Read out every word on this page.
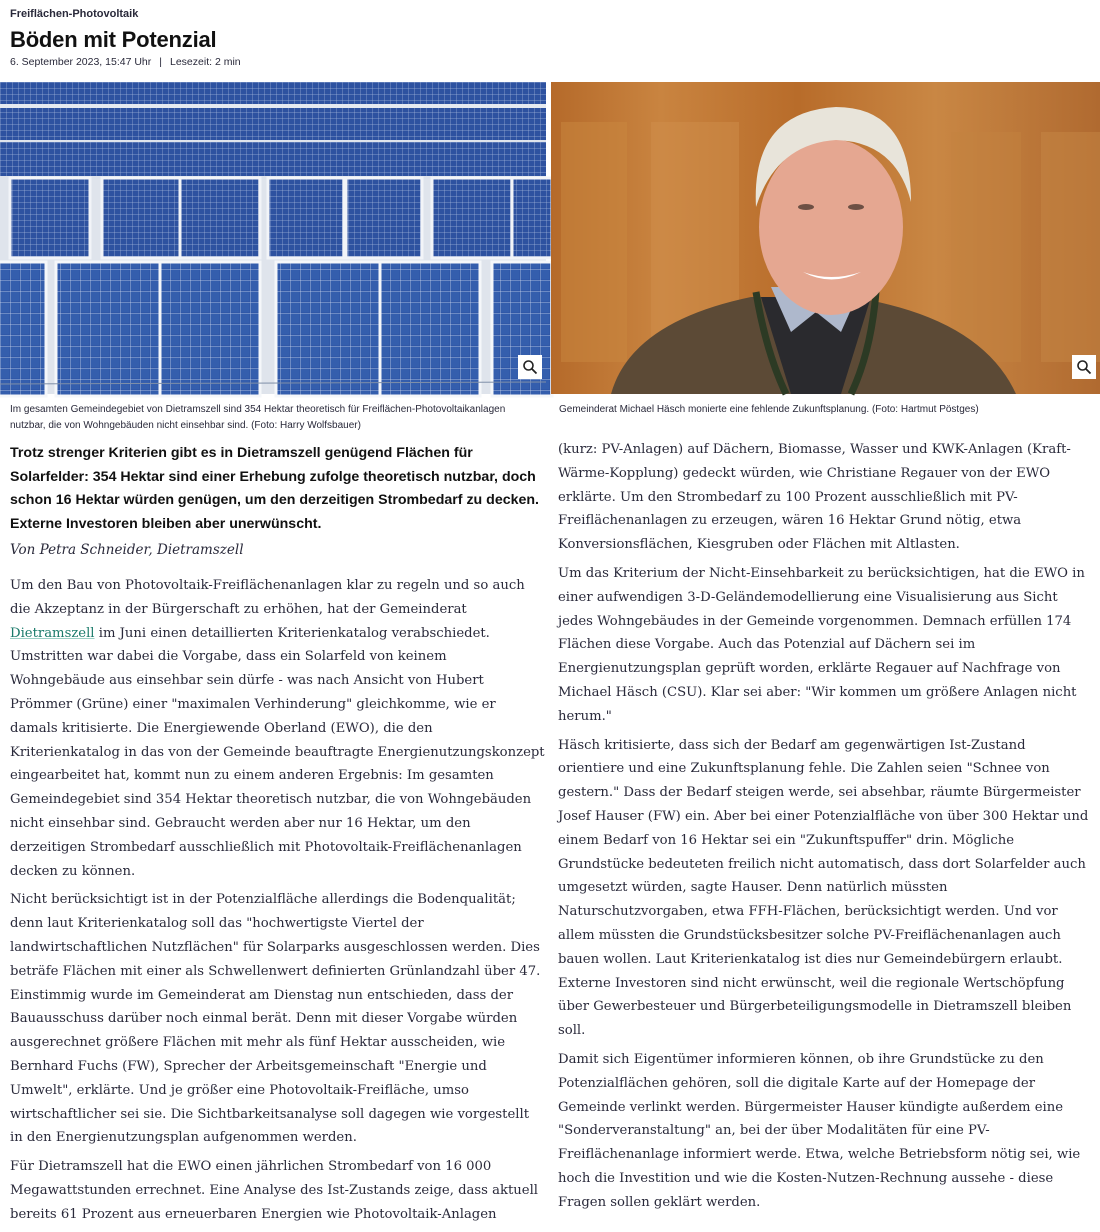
Freiflächen-Photovoltaik
Böden mit Potenzial
6. September 2023, 15:47 Uhr | Lesezeit: 2 min
Im gesamten Gemeindegebiet von Dietramszell sind 354 Hektar theoretisch für Freiflächen-Photovoltaikanlagen nutzbar, die von Wohngebäuden nicht einsehbar sind. (Foto: Harry Wolfsbauer)
Gemeinderat Michael Häsch monierte eine fehlende Zukunftsplanung. (Foto: Hartmut Pöstges)
Trotz strenger Kriterien gibt es in Dietramszell genügend Flächen für Solarfelder: 354 Hektar sind einer Erhebung zufolge theoretisch nutzbar, doch schon 16 Hektar würden genügen, um den derzeitigen Strombedarf zu decken. Externe Investoren bleiben aber unerwünscht.
Von Petra Schneider, Dietramszell

Um den Bau von Photovoltaik-Freiflächenanlagen klar zu regeln und so auch die Akzeptanz in der Bürgerschaft zu erhöhen, hat der Gemeinderat Dietramszell im Juni einen detaillierten Kriterienkatalog verabschiedet. Umstritten war dabei die Vorgabe, dass ein Solarfeld von keinem Wohngebäude aus einsehbar sein dürfe - was nach Ansicht von Hubert Prömmer (Grüne) einer "maximalen Verhinderung" gleichkomme, wie er damals kritisierte. Die Energiewende Oberland (EWO), die den Kriterienkatalog in das von der Gemeinde beauftragte Energienutzungskonzept eingearbeitet hat, kommt nun zu einem anderen Ergebnis: Im gesamten Gemeindegebiet sind 354 Hektar theoretisch nutzbar, die von Wohngebäuden nicht einsehbar sind. Gebraucht werden aber nur 16 Hektar, um den derzeitigen Strombedarf ausschließlich mit Photovoltaik-Freiflächenanlagen decken zu können.

Nicht berücksichtigt ist in der Potenzialfläche allerdings die Bodenqualität; denn laut Kriterienkatalog soll das "hochwertigste Viertel der landwirtschaftlichen Nutzflächen" für Solarparks ausgeschlossen werden. Dies beträfe Flächen mit einer als Schwellenwert definierten Grünlandzahl über 47. Einstimmig wurde im Gemeinderat am Dienstag nun entschieden, dass der Bauausschuss darüber noch einmal berät. Denn mit dieser Vorgabe würden ausgerechnet größere Flächen mit mehr als fünf Hektar ausscheiden, wie Bernhard Fuchs (FW), Sprecher der Arbeitsgemeinschaft "Energie und Umwelt", erklärte. Und je größer eine Photovoltaik-Freifläche, umso wirtschaftlicher sei sie. Die Sichtbarkeitsanalyse soll dagegen wie vorgestellt in den Energienutzungsplan aufgenommen werden.

Für Dietramszell hat die EWO einen jährlichen Strombedarf von 16 000 Megawattstunden errechnet. Eine Analyse des Ist-Zustands zeige, dass aktuell bereits 61 Prozent aus erneuerbaren Energien wie Photovoltaik-Anlagen

(kurz: PV-Anlagen) auf Dächern, Biomasse, Wasser und KWK-Anlagen (Kraft-Wärme-Kopplung) gedeckt würden, wie Christiane Regauer von der EWO erklärte. Um den Strombedarf zu 100 Prozent ausschließlich mit PV-Freiflächenanlagen zu erzeugen, wären 16 Hektar Grund nötig, etwa Konversionsflächen, Kiesgruben oder Flächen mit Altlasten.

Um das Kriterium der Nicht-Einsehbarkeit zu berücksichtigen, hat die EWO in einer aufwendigen 3-D-Geländemodellierung eine Visualisierung aus Sicht jedes Wohngebäudes in der Gemeinde vorgenommen. Demnach erfüllen 174 Flächen diese Vorgabe. Auch das Potenzial auf Dächern sei im Energienutzungsplan geprüft worden, erklärte Regauer auf Nachfrage von Michael Häsch (CSU). Klar sei aber: "Wir kommen um größere Anlagen nicht herum."

Häsch kritisierte, dass sich der Bedarf am gegenwärtigen Ist-Zustand orientiere und eine Zukunftsplanung fehle. Die Zahlen seien "Schnee von gestern." Dass der Bedarf steigen werde, sei absehbar, räumte Bürgermeister Josef Hauser (FW) ein. Aber bei einer Potenzialfläche von über 300 Hektar und einem Bedarf von 16 Hektar sei ein "Zukunftspuffer" drin. Mögliche Grundstücke bedeuteten freilich nicht automatisch, dass dort Solarfelder auch umgesetzt würden, sagte Hauser. Denn natürlich müssten Naturschutzvorgaben, etwa FFH-Flächen, berücksichtigt werden. Und vor allem müssten die Grundstücksbesitzer solche PV-Freiflächenanlagen auch bauen wollen. Laut Kriterienkatalog ist dies nur Gemeindebürgern erlaubt. Externe Investoren sind nicht erwünscht, weil die regionale Wertschöpfung über Gewerbesteuer und Bürgerbeteiligungsmodelle in Dietramszell bleiben soll.

Damit sich Eigentümer informieren können, ob ihre Grundstücke zu den Potenzialflächen gehören, soll die digitale Karte auf der Homepage der Gemeinde verlinkt werden. Bürgermeister Hauser kündigte außerdem eine "Sonderveranstaltung" an, bei der über Modalitäten für eine PV-Freiflächenanlage informiert werde. Etwa, welche Betriebsform nötig sei, wie hoch die Investition und wie die Kosten-Nutzen-Rechnung aussehe - diese Fragen sollen geklärt werden.
